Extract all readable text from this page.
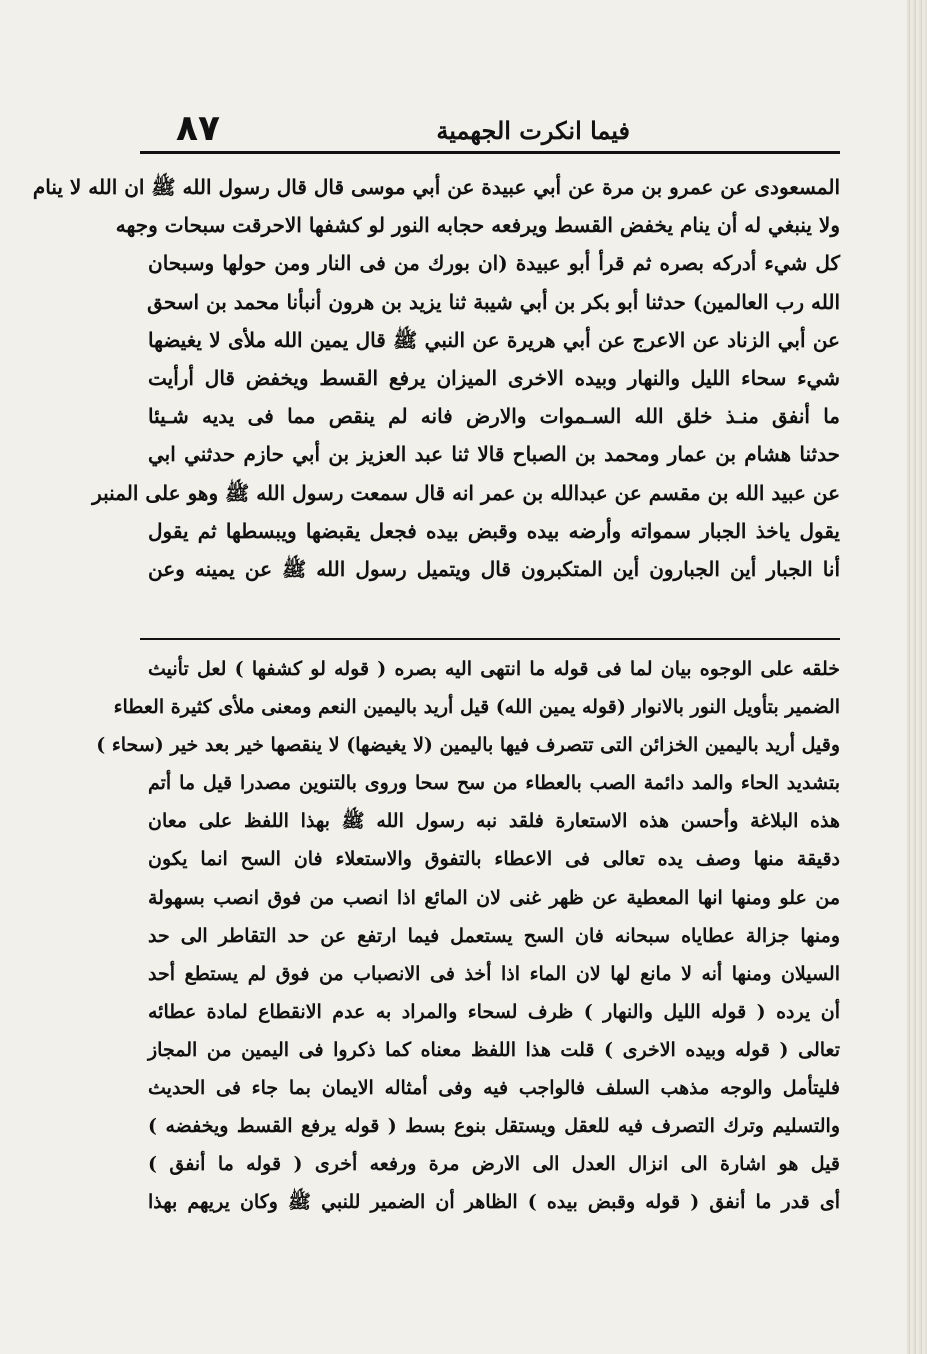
٨٧	فيما انكرت الجهمية
المسعودی عن عمرو بن مرة عن أبي عبيدة عن أبي موسى قال قال رسول الله ﷺ ان الله لا ينام
ولا ينبغي له أن ينام يخفض القسط ويرفعه حجابه النور لو كشفها الاحرقت سبحات وجهه
كل شيء أدركه بصره ثم قرأ أبو عبيدة (ان بورك من فى النار ومن حولها وسبحان
الله رب العالمين) حدثنا أبو بكر بن أبي شيبة ثنا يزيد بن هرون أنبأنا محمد بن اسحق
عن أبي الزناد عن الاعرج عن أبي هريرة عن النبي ﷺ قال يمين الله ملأى لا يغيضها
شيء سحاء الليل والنهار وبيده الاخرى الميزان يرفع القسط ويخفض قال أرأيت
ما أنفق منـذ خلق الله السـموات والارض فانه لم ينقص مما فى يديه شـيئا
حدثنا هشام بن عمار ومحمد بن الصباح قالا ثنا عبد العزيز بن أبي حازم حدثني ابي
عن عبيد الله بن مقسم عن عبدالله بن عمر انه قال سمعت رسول الله ﷺ وهو على المنبر
يقول ياخذ الجبار سمواته وأرضه بيده وقبض بيده فجعل يقبضها ويبسطها ثم يقول
أنا الجبار أين الجبارون أين المتكبرون قال ويتميل رسول الله ﷺ عن يمينه وعن
خلقه على الوجوه بيان لما فى قوله ما انتهى اليه بصره ( قوله لو كشفها ) لعل تأنيث
الضمير بتأويل النور بالانوار (قوله يمين الله) قيل أريد باليمين النعم ومعنى ملأى كثيرة العطاء
وقيل أريد باليمين الخزائن التى تتصرف فيها باليمين (لا يغيضها) لا ينقصها خير بعد خير (سحاء )
بتشديد الحاء والمد دائمة الصب بالعطاء من سح سحا وروى بالتنوين مصدرا قيل ما أتم
هذه البلاغة وأحسن هذه الاستعارة فلقد نبه رسول الله ﷺ بهذا اللفظ على معان
دقيقة منها وصف يده تعالى فى الاعطاء بالتفوق والاستعلاء فان السح انما يكون
من علو ومنها انها المعطية عن ظهر غنى لان المائع اذا انصب من فوق انصب بسهولة
ومنها جزالة عطاياه سبحانه فان السح يستعمل فيما ارتفع عن حد التقاطر الى حد
السيلان ومنها أنه لا مانع لها لان الماء اذا أخذ فى الانصباب من فوق لم يستطع أحد
أن يرده ( قوله الليل والنهار ) ظرف لسحاء والمراد به عدم الانقطاع لمادة عطائه
تعالى ( قوله وبيده الاخرى ) قلت هذا اللفظ معناه كما ذكروا فى اليمين من المجاز
فليتأمل والوجه مذهب السلف فالواجب فيه وفى أمثاله الايمان بما جاء فى الحديث
والتسليم وترك التصرف فيه للعقل ويستقل بنوع بسط ( قوله يرفع القسط ويخفضه )
قيل هو اشارة الى انزال العدل الى الارض مرة ورفعه أخرى ( قوله ما أنفق )
أى قدر ما أنفق ( قوله وقبض بيده ) الظاهر أن الضمير للنبي ﷺ وكان يريهم بهذا
